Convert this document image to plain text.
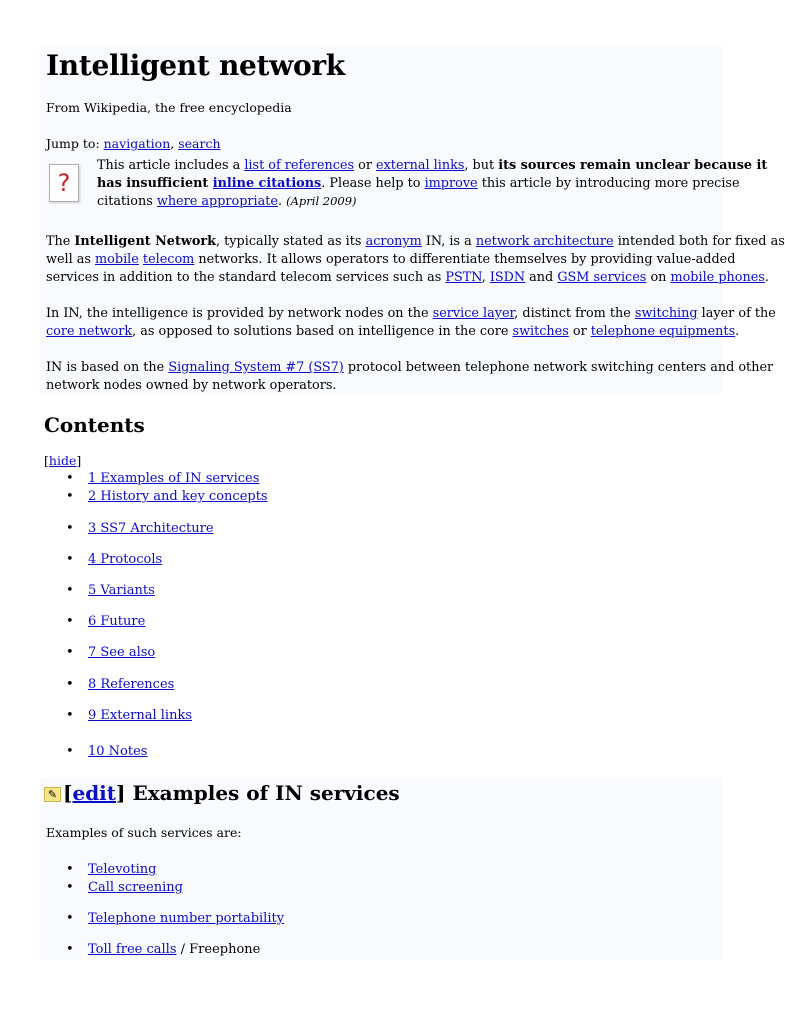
Intelligent network
From Wikipedia, the free encyclopedia
Jump to: navigation, search
?
This article includes a list of references or external links, but its sources remain unclear because it
has insufficient inline citations. Please help to improve this article by introducing more precise
citations where appropriate. (April 2009)
The Intelligent Network, typically stated as its acronym IN, is a network architecture intended both for fixed as
well as mobile telecom networks. It allows operators to differentiate themselves by providing value-added
services in addition to the standard telecom services such as PSTN, ISDN and GSM services on mobile phones.
In IN, the intelligence is provided by network nodes on the service layer, distinct from the switching layer of the
core network, as opposed to solutions based on intelligence in the core switches or telephone equipments.
IN is based on the Signaling System #7 (SS7) protocol between telephone network switching centers and other
network nodes owned by network operators.
Contents
[hide]
• 1 Examples of IN services
• 2 History and key concepts
• 3 SS7 Architecture
• 4 Protocols
• 5 Variants
• 6 Future
• 7 See also
• 8 References
• 9 External links
• 10 Notes
✎ [edit] Examples of IN services
Examples of such services are:
• Televoting
• Call screening
• Telephone number portability
• Toll free calls / Freephone
